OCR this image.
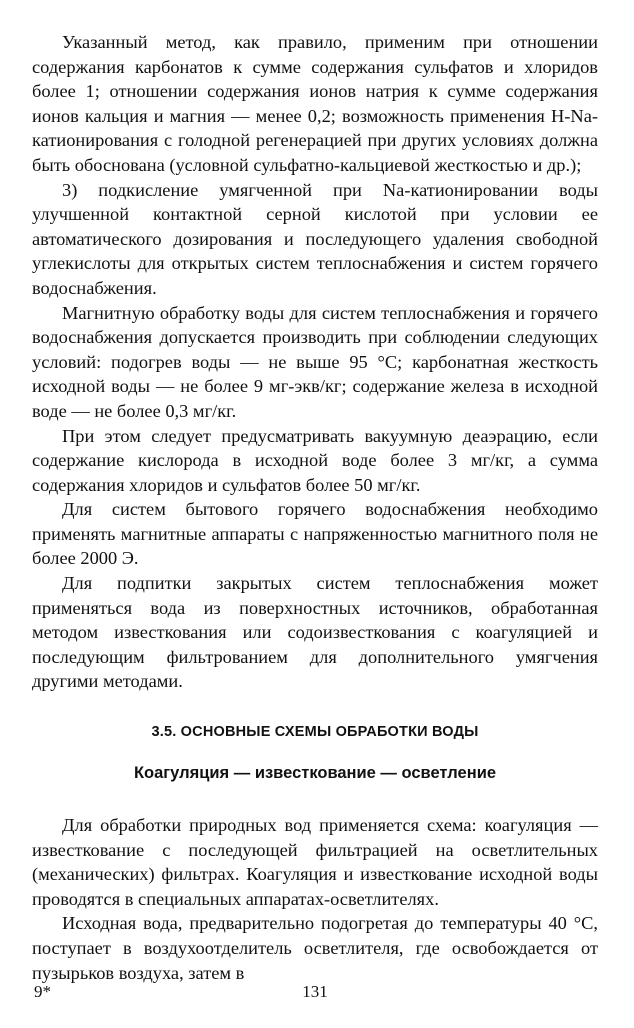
Указанный метод, как правило, применим при отношении содержания карбонатов к сумме содержания сульфатов и хлоридов более 1; отношении содержания ионов натрия к сумме содержания ионов кальция и магния — менее 0,2; возможность применения H-Na-катионирования с голодной регенерацией при других условиях должна быть обоснована (условной сульфатно-кальциевой жесткостью и др.);

3) подкисление умягченной при Na-катионировании воды улучшенной контактной серной кислотой при условии ее автоматического дозирования и последующего удаления свободной углекислоты для открытых систем теплоснабжения и систем горячего водоснабжения.

Магнитную обработку воды для систем теплоснабжения и горячего водоснабжения допускается производить при соблюдении следующих условий: подогрев воды — не выше 95 °С; карбонатная жесткость исходной воды — не более 9 мг-экв/кг; содержание железа в исходной воде — не более 0,3 мг/кг.

При этом следует предусматривать вакуумную деаэрацию, если содержание кислорода в исходной воде более 3 мг/кг, а сумма содержания хлоридов и сульфатов более 50 мг/кг.

Для систем бытового горячего водоснабжения необходимо применять магнитные аппараты с напряженностью магнитного поля не более 2000 Э.

Для подпитки закрытых систем теплоснабжения может применяться вода из поверхностных источников, обработанная методом известкования или содоизвесткования с коагуляцией и последующим фильтрованием для дополнительного умягчения другими методами.

3.5. ОСНОВНЫЕ СХЕМЫ ОБРАБОТКИ ВОДЫ
Коагуляция — известкование — осветление

Для обработки природных вод применяется схема: коагуляция — известкование с последующей фильтрацией на осветлительных (механических) фильтрах. Коагуляция и известкование исходной воды проводятся в специальных аппаратах-осветлителях.

Исходная вода, предварительно подогретая до температуры 40 °С, поступает в воздухоотделитель осветлителя, где освобождается от пузырьков воздуха, затем в

9*	131
